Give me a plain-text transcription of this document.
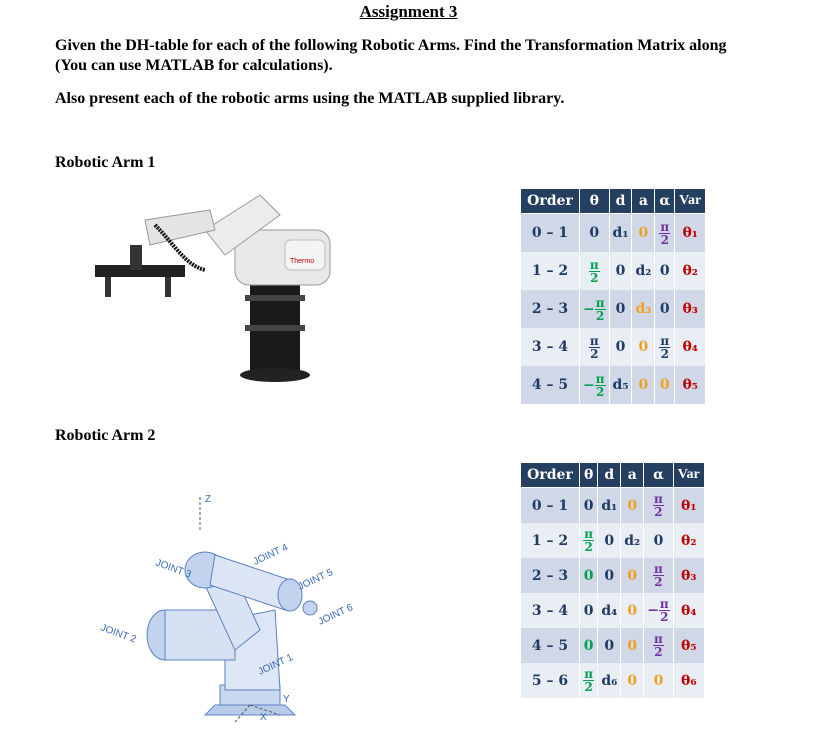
Assignment 3
Given the DH-table for each of the following Robotic Arms. Find the Transformation Matrix along (You can use MATLAB for calculations).
Also present each of the robotic arms using the MATLAB supplied library.
Robotic Arm 1
Thermo
Order	θ	d	a	α	Var
0 – 1	0	d₁	0	$\frac{\pi}{2}$	θ₁
1 – 2	$\frac{\pi}{2}$	0	d₂	0	θ₂
2 – 3	− $\frac{\pi}{2}$	0	d₃	0	θ₃
3 – 4	$\frac{\pi}{2}$	0	0	$\frac{\pi}{2}$	θ₄
4 – 5	− $\frac{\pi}{2}$	d₅	0	0	θ₅
Robotic Arm 2
Z
Y
X
JOINT 1
JOINT 2
JOINT 3
JOINT 4
JOINT 5
JOINT 6
Order	θ	d	a	α	Var
0 – 1	0	d₁	0	$\frac{\pi}{2}$	θ₁
1 – 2	$\frac{\pi}{2}$	0	d₂	0	θ₂
2 – 3	0	0	0	$\frac{\pi}{2}$	θ₃
3 – 4	0	d₄	0	− $\frac{\pi}{2}$	θ₄
4 – 5	0	0	0	$\frac{\pi}{2}$	θ₅
5 – 6	$\frac{\pi}{2}$	d₆	0	0	θ₆
